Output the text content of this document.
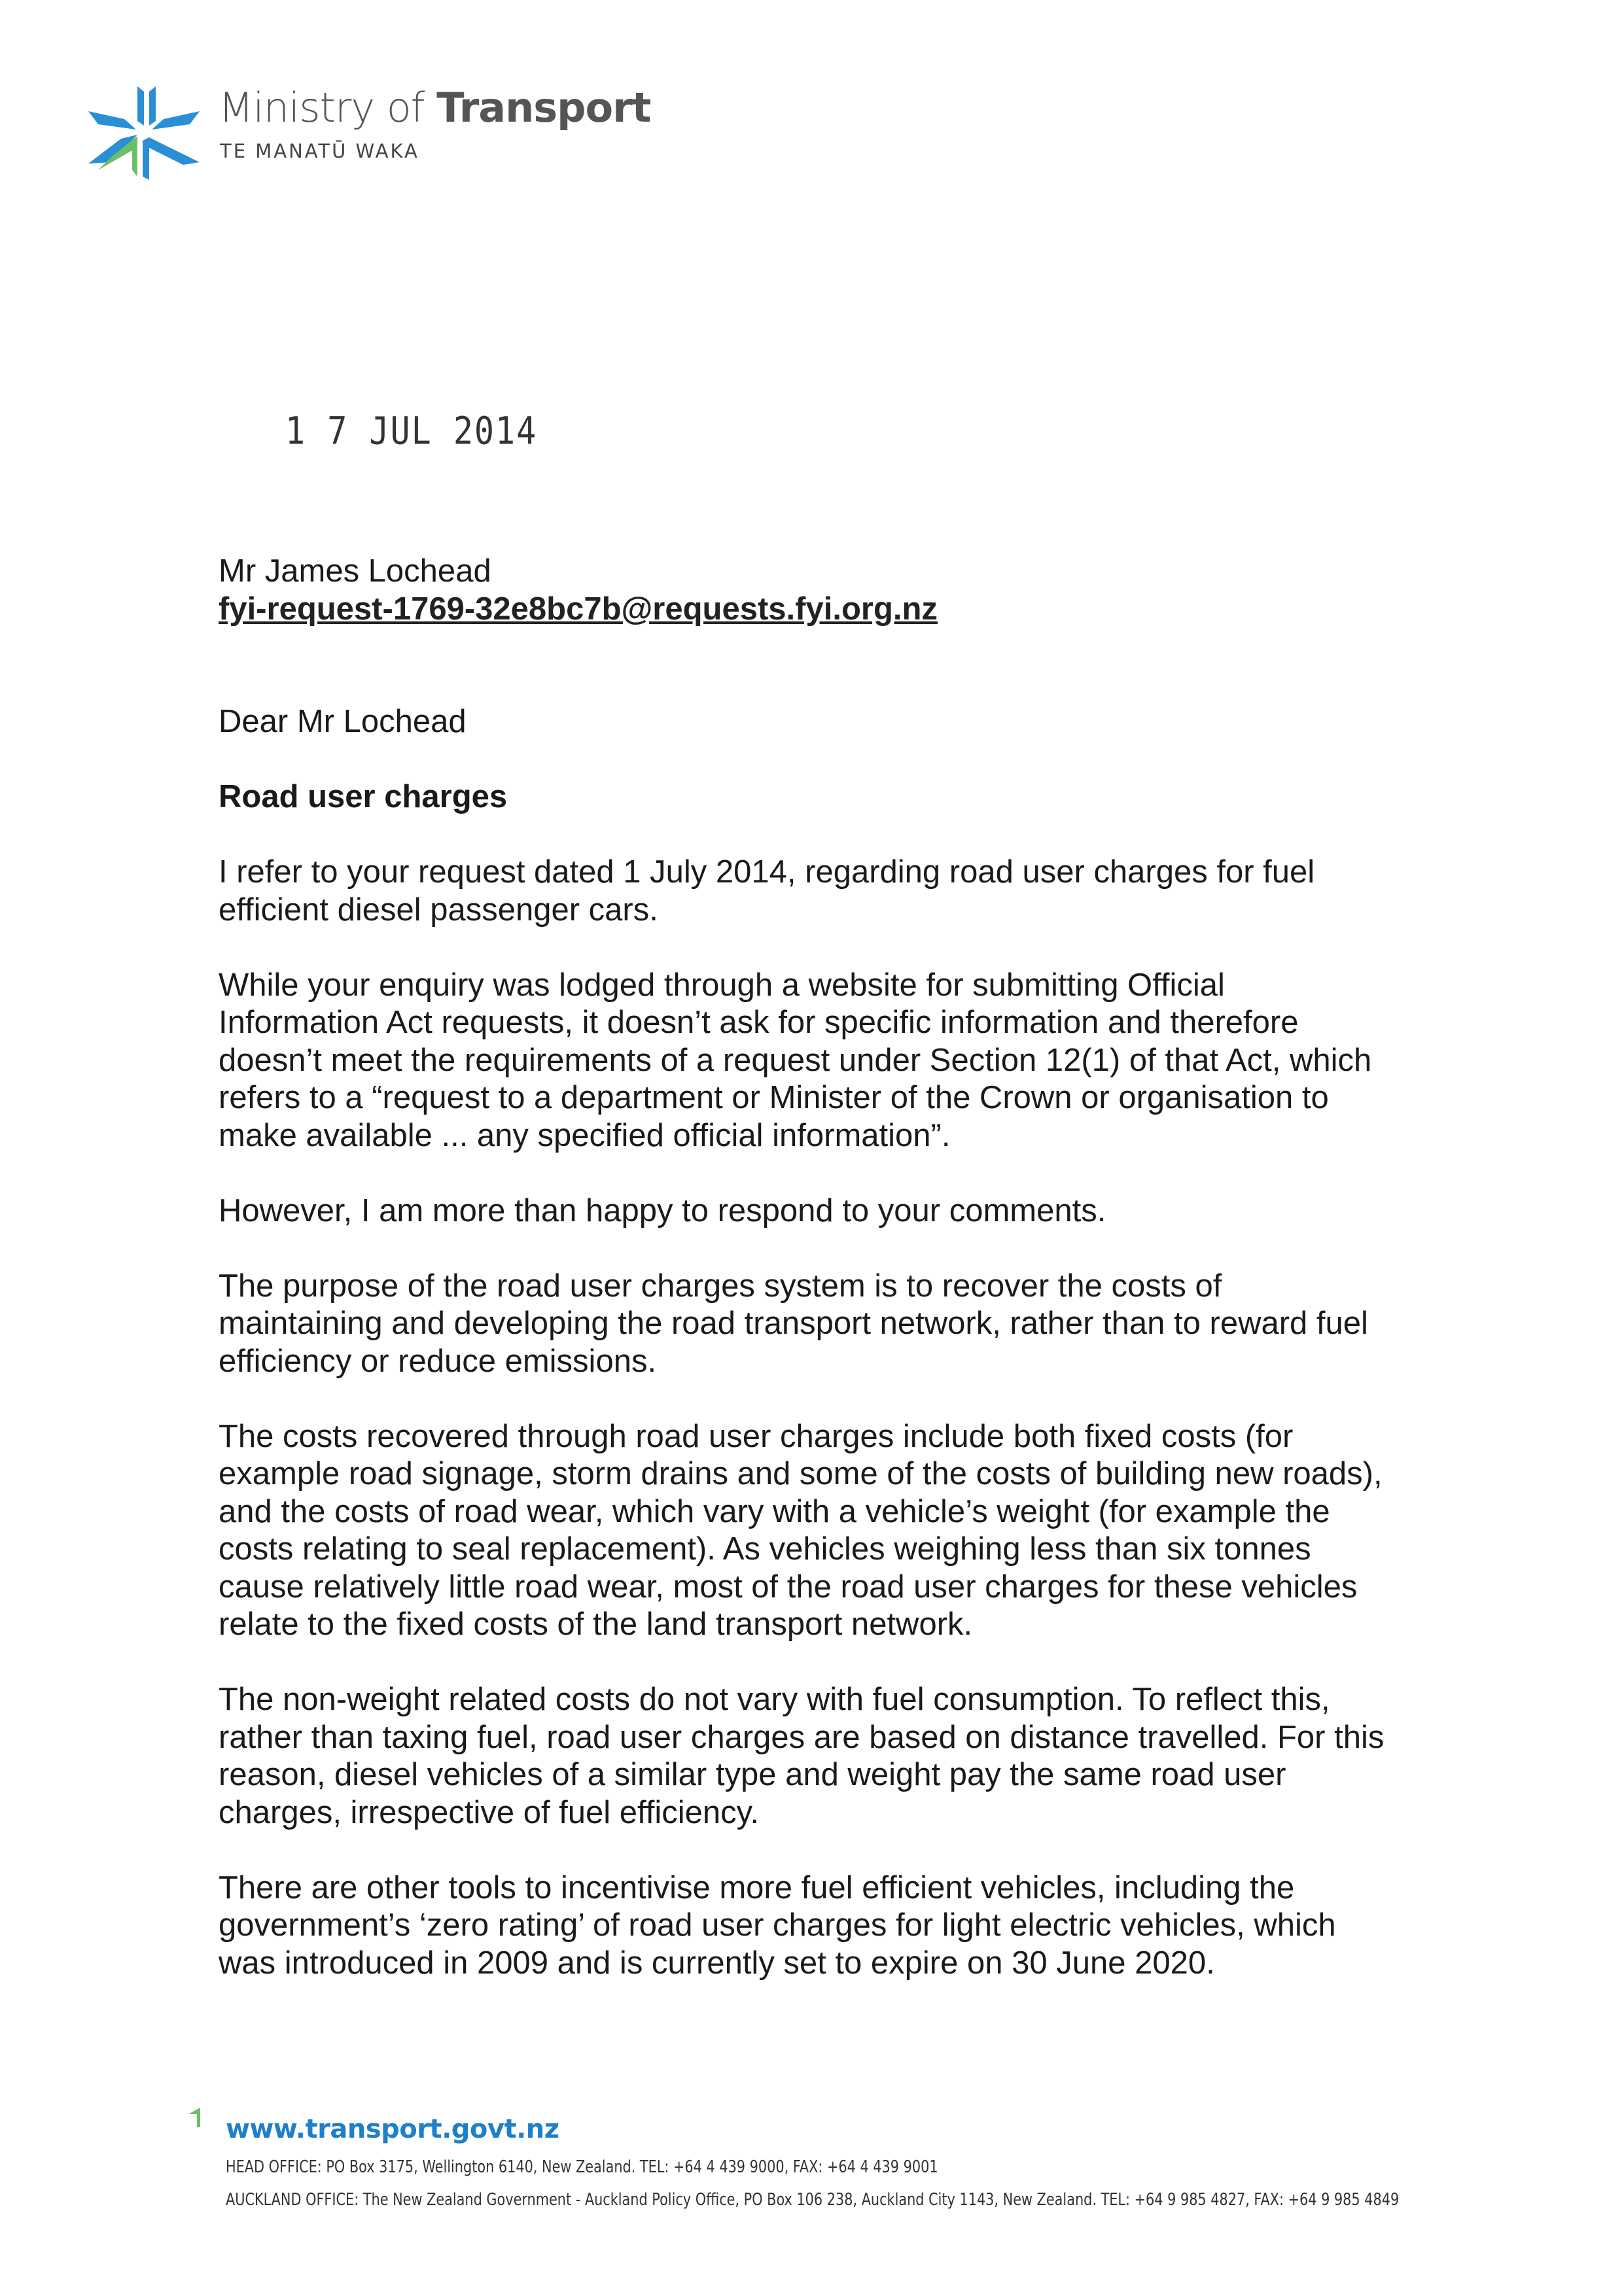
Ministry of Transport
TE MANATŪ WAKA
1 7 JUL 2014
Mr James Lochead
fyi-request-1769-32e8bc7b@requests.fyi.org.nz
Dear Mr Lochead
Road user charges
I refer to your request dated 1 July 2014, regarding road user charges for fuel
efficient diesel passenger cars.
While your enquiry was lodged through a website for submitting Official
Information Act requests, it doesn’t ask for specific information and therefore
doesn’t meet the requirements of a request under Section 12(1) of that Act, which
refers to a “request to a department or Minister of the Crown or organisation to
make available ... any specified official information”.
However, I am more than happy to respond to your comments.
The purpose of the road user charges system is to recover the costs of
maintaining and developing the road transport network, rather than to reward fuel
efficiency or reduce emissions.
The costs recovered through road user charges include both fixed costs (for
example road signage, storm drains and some of the costs of building new roads),
and the costs of road wear, which vary with a vehicle’s weight (for example the
costs relating to seal replacement). As vehicles weighing less than six tonnes
cause relatively little road wear, most of the road user charges for these vehicles
relate to the fixed costs of the land transport network.
The non-weight related costs do not vary with fuel consumption. To reflect this,
rather than taxing fuel, road user charges are based on distance travelled. For this
reason, diesel vehicles of a similar type and weight pay the same road user
charges, irrespective of fuel efficiency.
There are other tools to incentivise more fuel efficient vehicles, including the
government’s ‘zero rating’ of road user charges for light electric vehicles, which
was introduced in 2009 and is currently set to expire on 30 June 2020.
www.transport.govt.nz
HEAD OFFICE: PO Box 3175, Wellington 6140, New Zealand. TEL: +64 4 439 9000, FAX: +64 4 439 9001
AUCKLAND OFFICE: The New Zealand Government - Auckland Policy Office, PO Box 106 238, Auckland City 1143, New Zealand. TEL: +64 9 985 4827, FAX: +64 9 985 4849
